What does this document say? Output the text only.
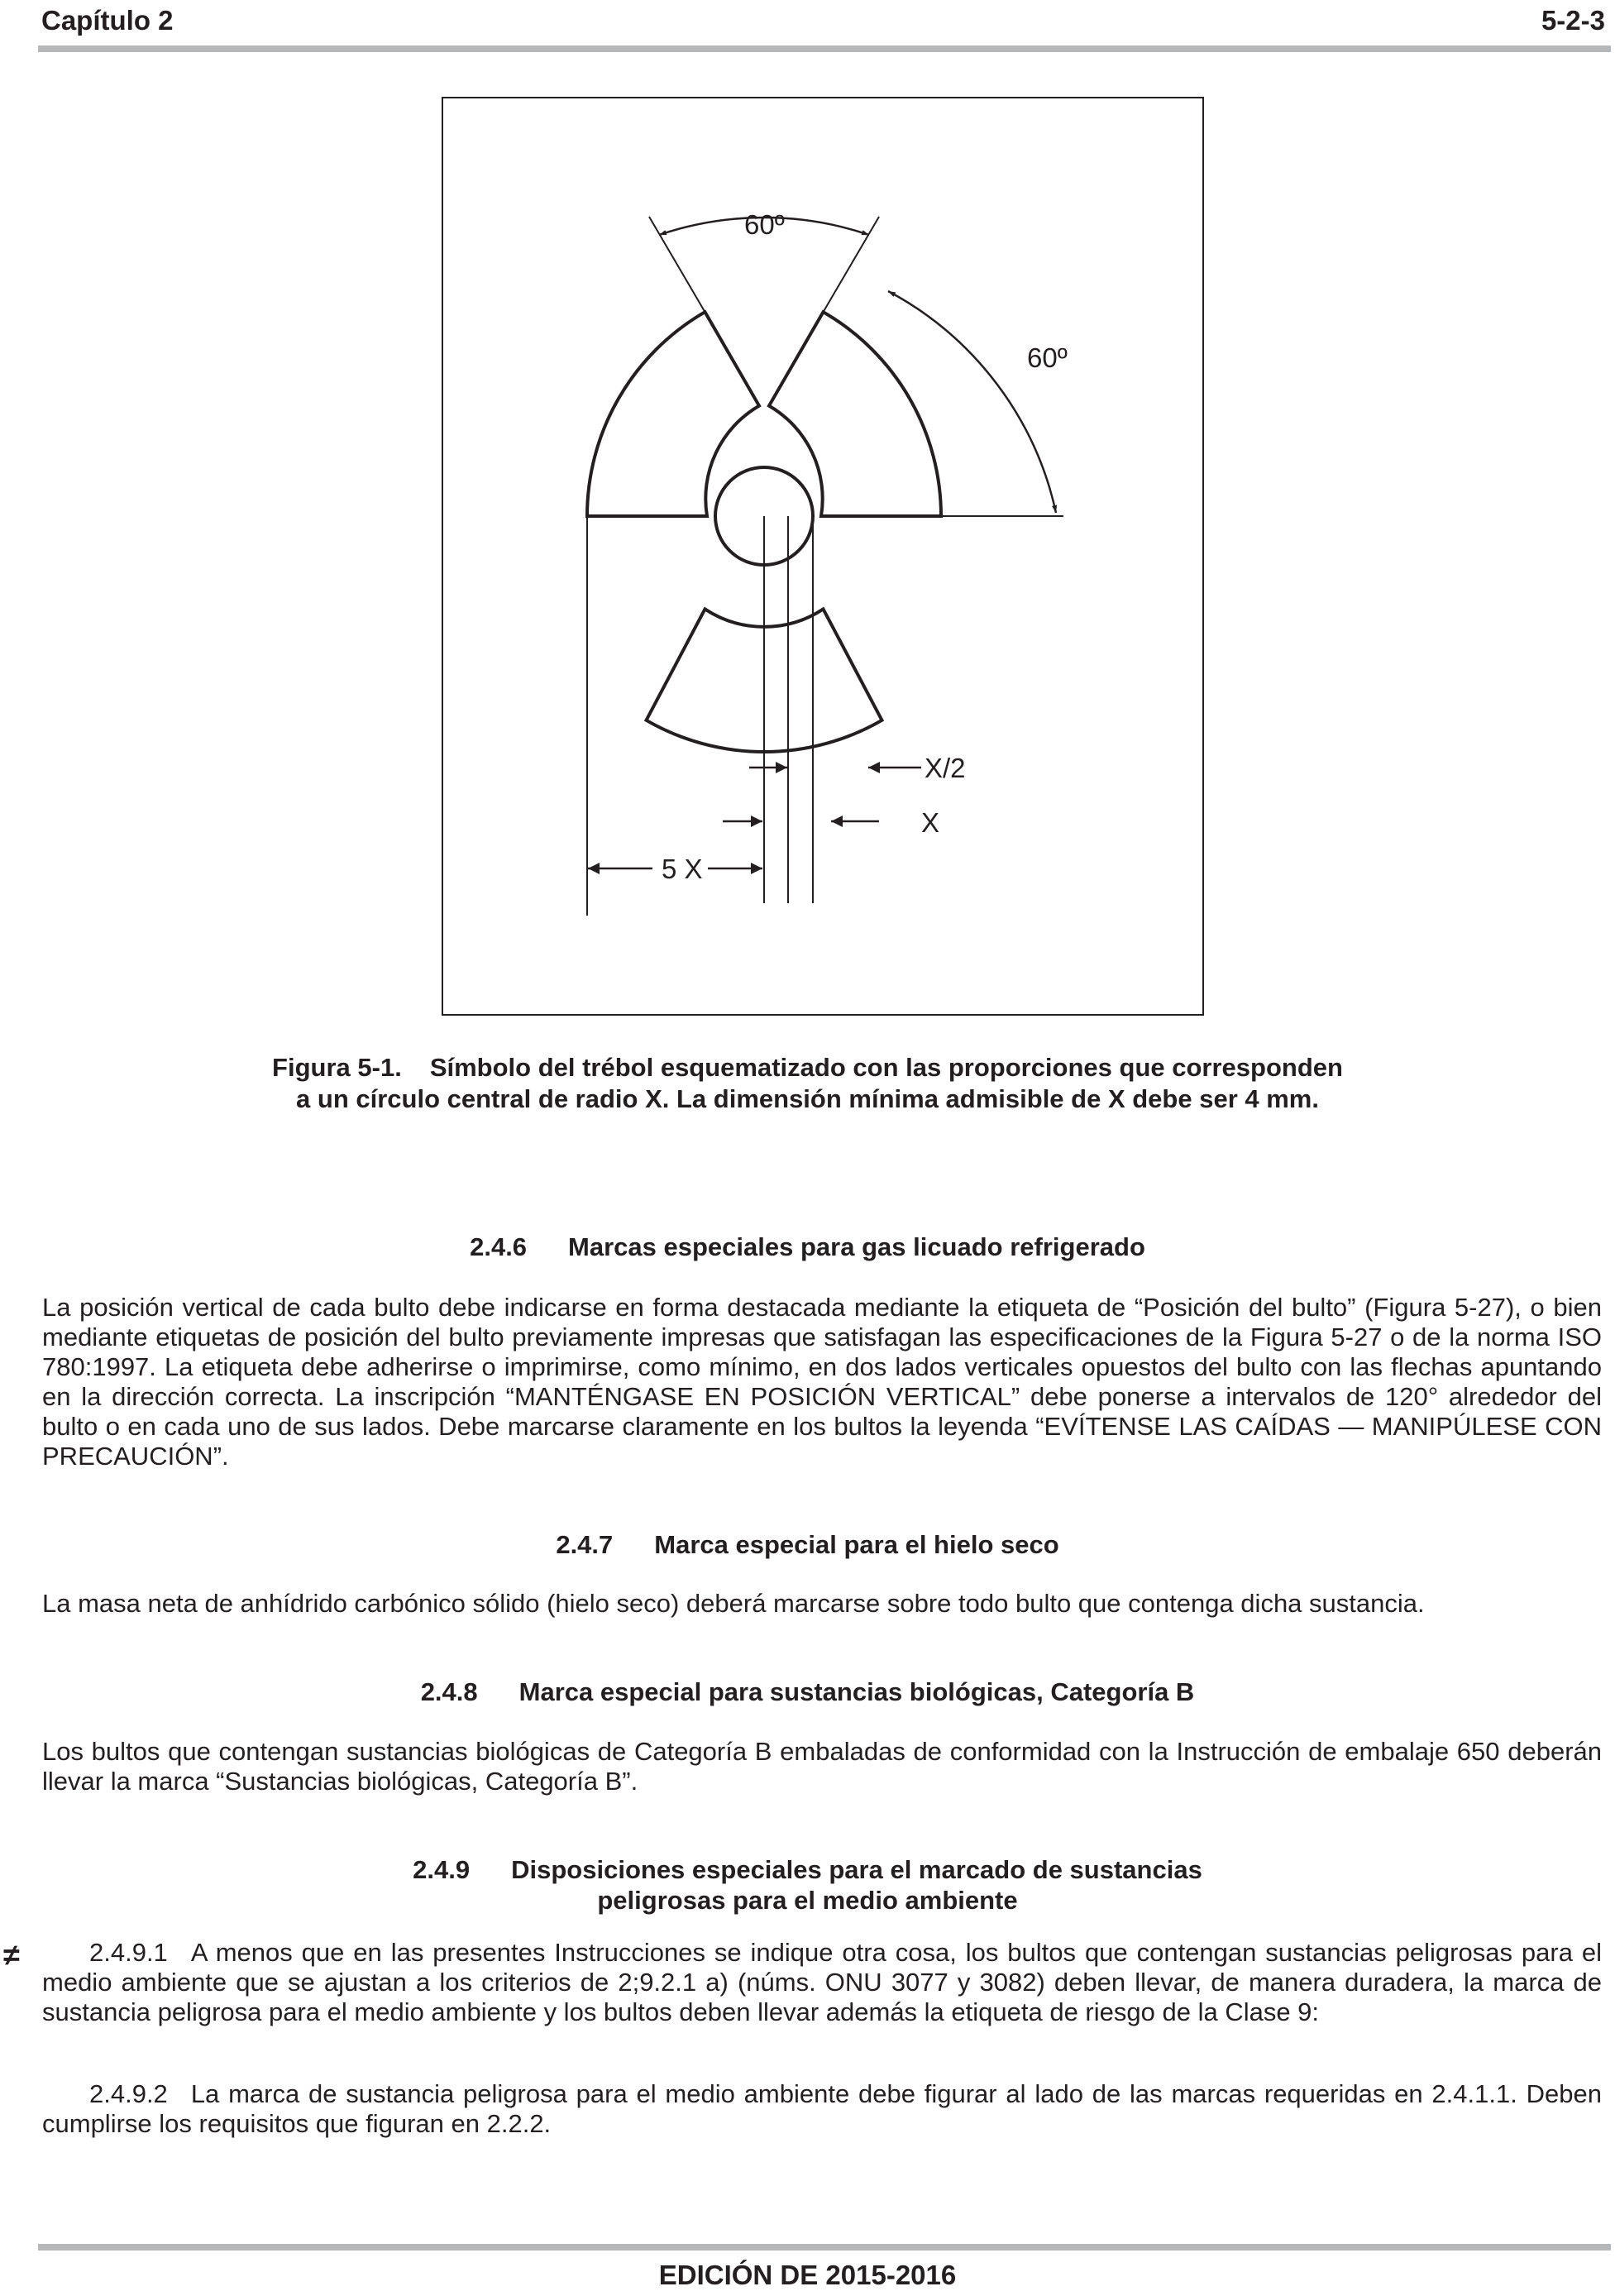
Capítulo 2	5-2-3
60º
60º
X/2
X
5 X
Figura 5-1. Símbolo del trébol esquematizado con las proporciones que corresponden
a un círculo central de radio X. La dimensión mínima admisible de X debe ser 4 mm.
2.4.6 Marcas especiales para gas licuado refrigerado

La posición vertical de cada bulto debe indicarse en forma destacada mediante la etiqueta de “Posición del bulto” (Figura 5-27), o bien mediante etiquetas de posición del bulto previamente impresas que satisfagan las especificaciones de la Figura 5-27 o de la norma ISO 780:1997. La etiqueta debe adherirse o imprimirse, como mínimo, en dos lados verticales opuestos del bulto con las flechas apuntando en la dirección correcta. La inscripción “MANTÉNGASE EN POSICIÓN VERTICAL” debe ponerse a intervalos de 120° alrededor del bulto o en cada uno de sus lados. Debe marcarse claramente en los bultos la leyenda “EVÍTENSE LAS CAÍDAS — MANIPÚLESE CON PRECAUCIÓN”.

2.4.7 Marca especial para el hielo seco

La masa neta de anhídrido carbónico sólido (hielo seco) deberá marcarse sobre todo bulto que contenga dicha sustancia.

2.4.8 Marca especial para sustancias biológicas, Categoría B

Los bultos que contengan sustancias biológicas de Categoría B embaladas de conformidad con la Instrucción de embalaje 650 deberán llevar la marca “Sustancias biológicas, Categoría B”.

2.4.9 Disposiciones especiales para el marcado de sustancias
peligrosas para el medio ambiente
≠	2.4.9.1 A menos que en las presentes Instrucciones se indique otra cosa, los bultos que contengan sustancias peligrosas para el medio ambiente que se ajustan a los criterios de 2;9.2.1 a) (núms. ONU 3077 y 3082) deben llevar, de manera duradera, la marca de sustancia peligrosa para el medio ambiente y los bultos deben llevar además la etiqueta de riesgo de la Clase 9:

2.4.9.2 La marca de sustancia peligrosa para el medio ambiente debe figurar al lado de las marcas requeridas en 2.4.1.1. Deben cumplirse los requisitos que figuran en 2.2.2.

EDICIÓN DE 2015-2016
